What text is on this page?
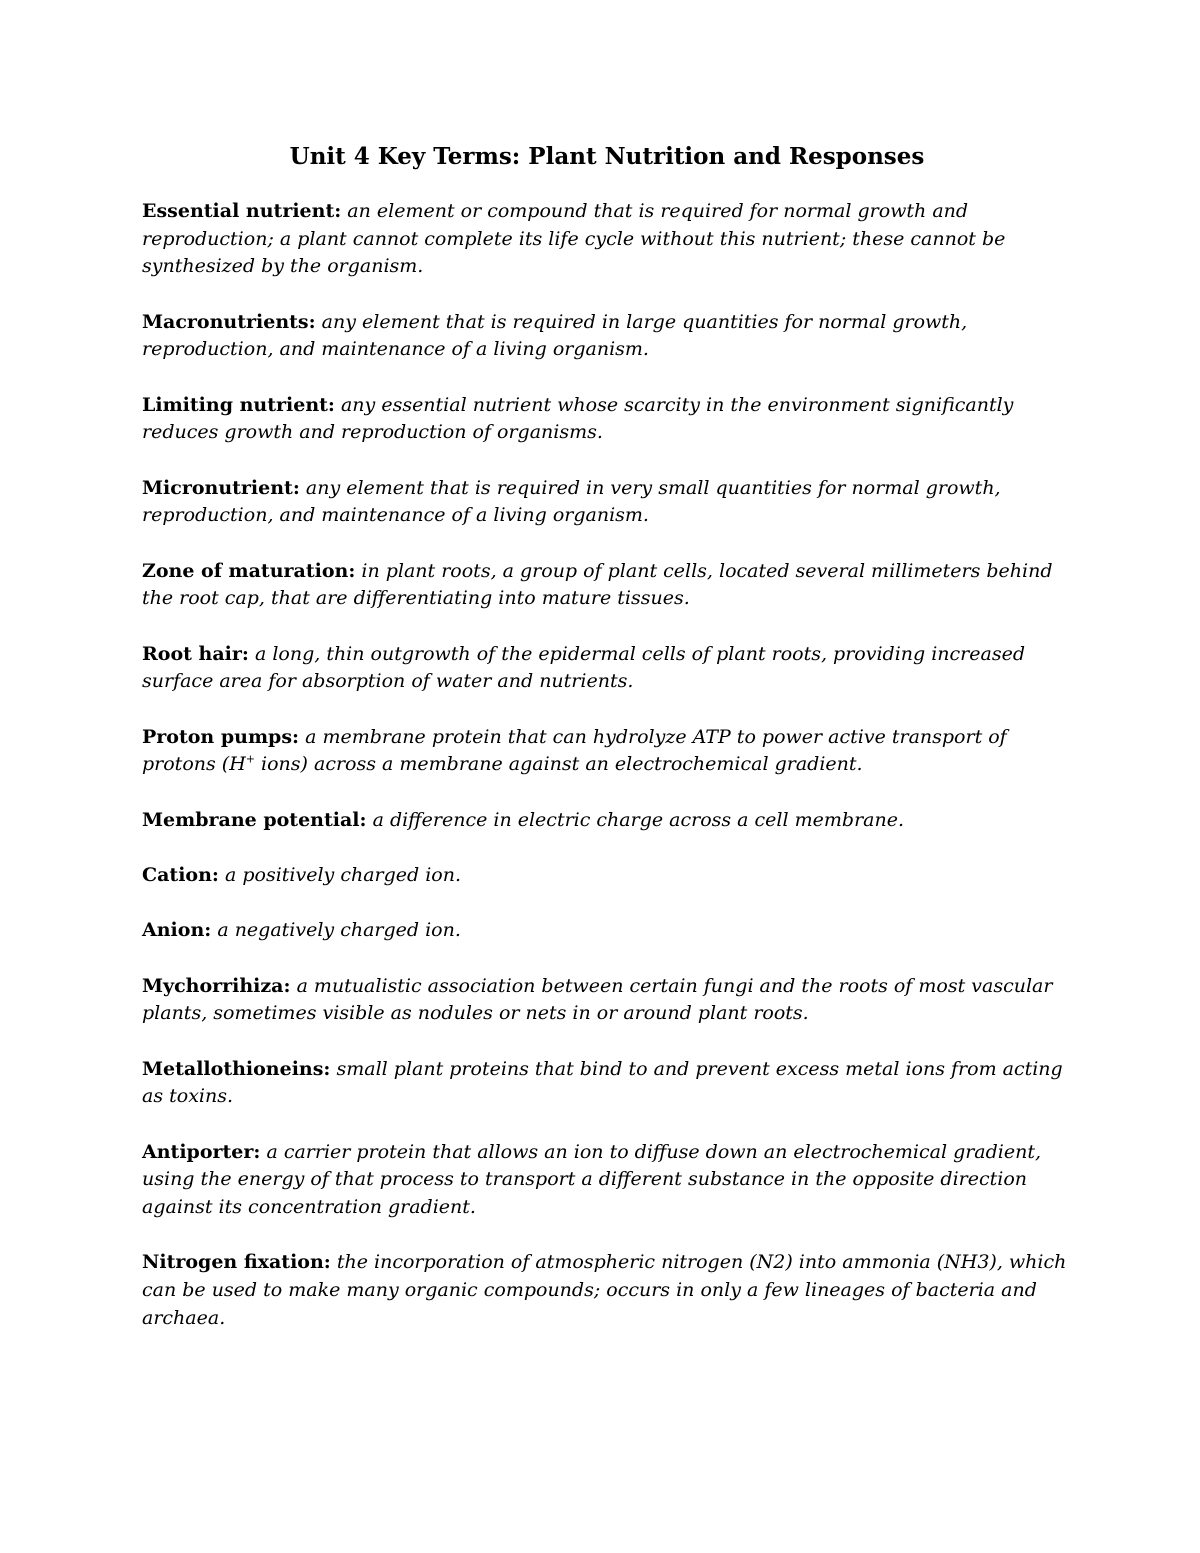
Unit 4 Key Terms: Plant Nutrition and Responses

Essential nutrient: an element or compound that is required for normal growth and reproduction; a plant cannot complete its life cycle without this nutrient; these cannot be synthesized by the organism.

Macronutrients: any element that is required in large quantities for normal growth, reproduction, and maintenance of a living organism.

Limiting nutrient: any essential nutrient whose scarcity in the environment significantly reduces growth and reproduction of organisms.

Micronutrient: any element that is required in very small quantities for normal growth, reproduction, and maintenance of a living organism.

Zone of maturation: in plant roots, a group of plant cells, located several millimeters behind the root cap, that are differentiating into mature tissues.

Root hair: a long, thin outgrowth of the epidermal cells of plant roots, providing increased surface area for absorption of water and nutrients.

Proton pumps: a membrane protein that can hydrolyze ATP to power active transport of protons (H+ ions) across a membrane against an electrochemical gradient.

Membrane potential: a difference in electric charge across a cell membrane.

Cation: a positively charged ion.

Anion: a negatively charged ion.

Mychorrihiza: a mutualistic association between certain fungi and the roots of most vascular plants, sometimes visible as nodules or nets in or around plant roots.

Metallothioneins: small plant proteins that bind to and prevent excess metal ions from acting as toxins.

Antiporter: a carrier protein that allows an ion to diffuse down an electrochemical gradient, using the energy of that process to transport a different substance in the opposite direction against its concentration gradient.

Nitrogen fixation: the incorporation of atmospheric nitrogen (N2) into ammonia (NH3), which can be used to make many organic compounds; occurs in only a few lineages of bacteria and archaea.
